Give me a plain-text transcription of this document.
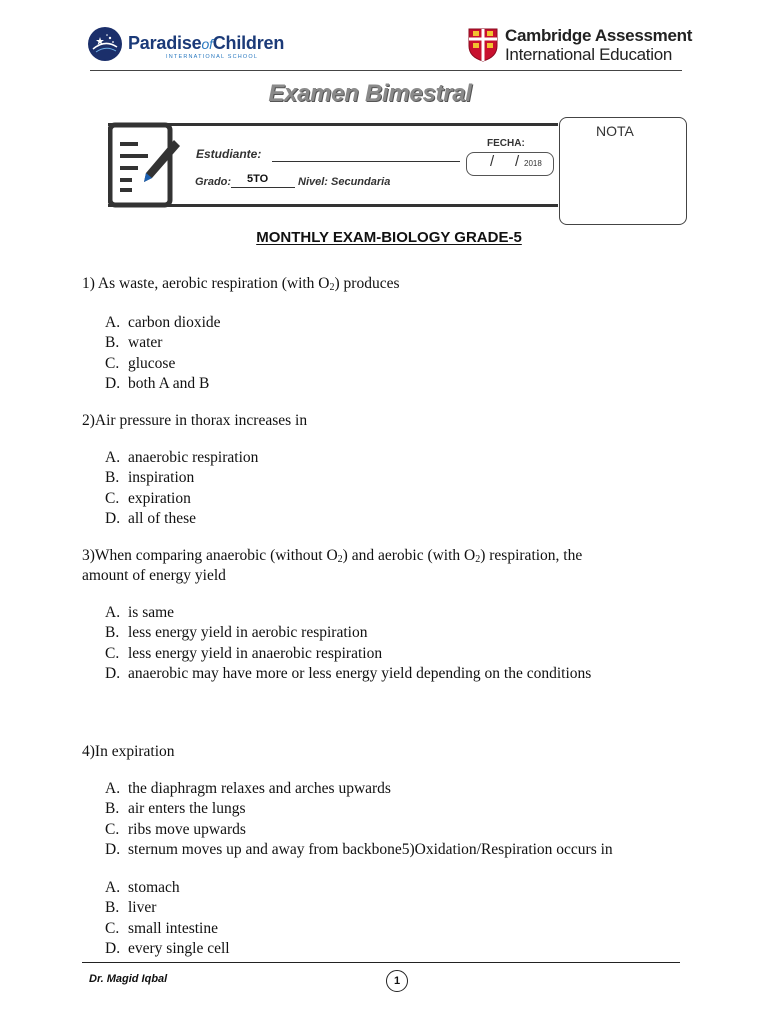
ParadiseofChildren
INTERNATIONAL SCHOOL
Cambridge Assessment
International Education
Examen Bimestral
Estudiante:
FECHA:
/ / 2018
Grado: 5TO	Nivel: Secundaria
NOTA
MONTHLY EXAM-BIOLOGY GRADE-5
1) As waste, aerobic respiration (with $O_2$) produces
A. carbon dioxide
B. water
C. glucose
D. both A and B
2)Air pressure in thorax increases in
A. anaerobic respiration
B. inspiration
C. expiration
D. all of these
3)When comparing anaerobic (without $O_2$) and aerobic (with $O_2$) respiration, the
amount of energy yield
A. is same
B. less energy yield in aerobic respiration
C. less energy yield in anaerobic respiration
D. anaerobic may have more or less energy yield depending on the conditions
4)In expiration
A. the diaphragm relaxes and arches upwards
B. air enters the lungs
C. ribs move upwards
D. sternum moves up and away from backbone5)Oxidation/Respiration occurs in
A. stomach
B. liver
C. small intestine
D. every single cell
Dr. Magid Iqbal	1
